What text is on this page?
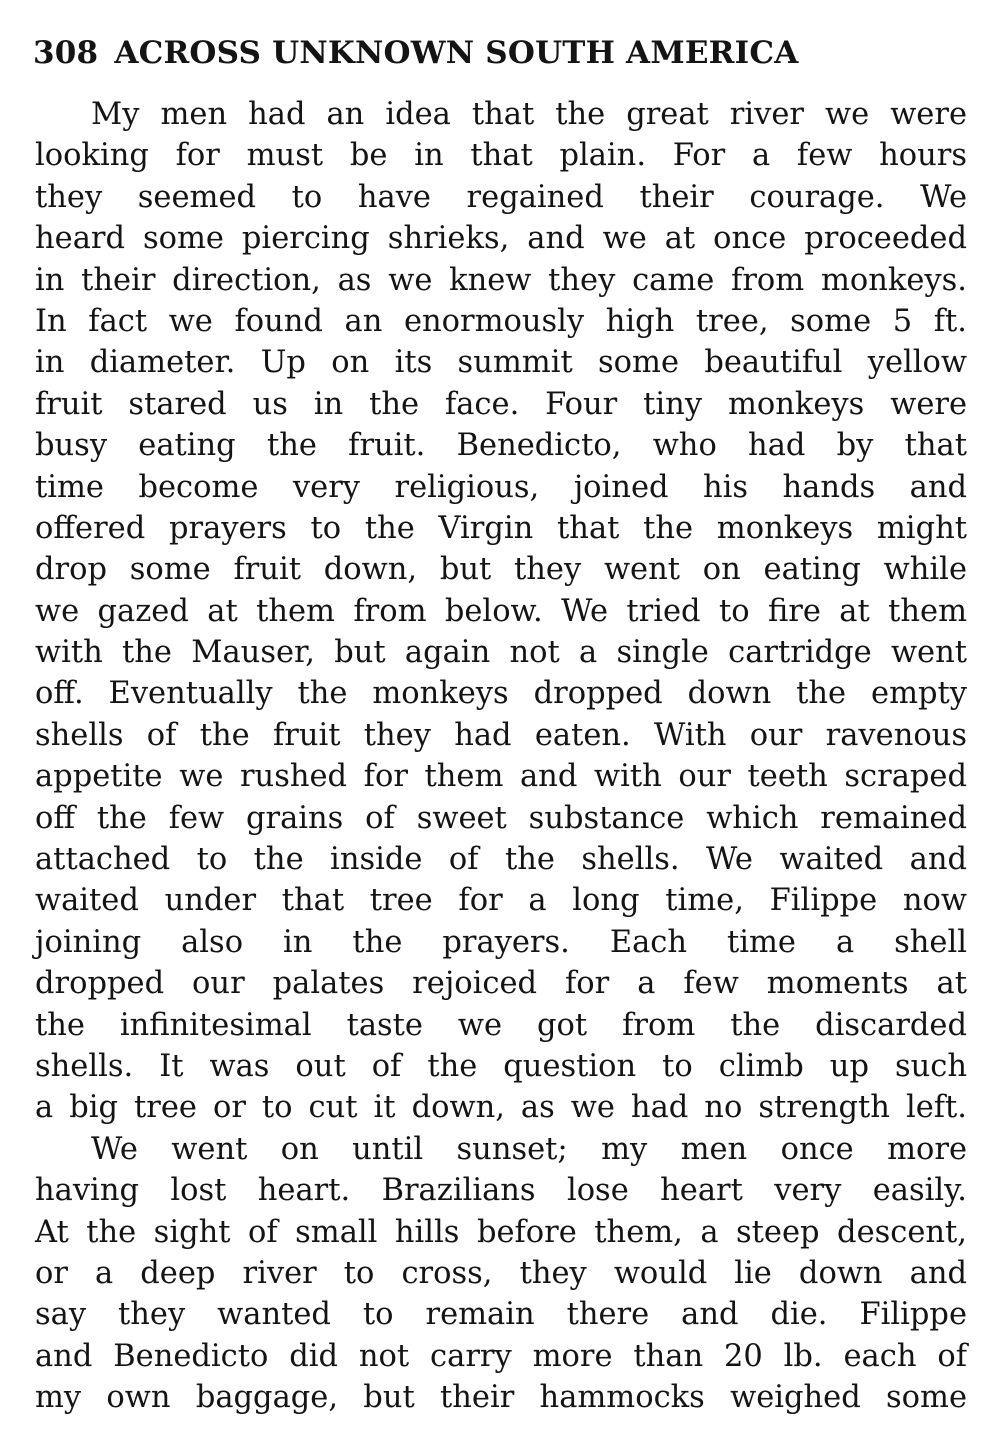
308 ACROSS UNKNOWN SOUTH AMERICA
My men had an idea that the great river we were
looking for must be in that plain. For a few hours
they seemed to have regained their courage. We
heard some piercing shrieks, and we at once proceeded
in their direction, as we knew they came from monkeys.
In fact we found an enormously high tree, some 5 ft.
in diameter. Up on its summit some beautiful yellow
fruit stared us in the face. Four tiny monkeys were
busy eating the fruit. Benedicto, who had by that
time become very religious, joined his hands and
offered prayers to the Virgin that the monkeys might
drop some fruit down, but they went on eating while
we gazed at them from below. We tried to fire at them
with the Mauser, but again not a single cartridge went
off. Eventually the monkeys dropped down the empty
shells of the fruit they had eaten. With our ravenous
appetite we rushed for them and with our teeth scraped
off the few grains of sweet substance which remained
attached to the inside of the shells. We waited and
waited under that tree for a long time, Filippe now
joining also in the prayers. Each time a shell
dropped our palates rejoiced for a few moments at
the infinitesimal taste we got from the discarded
shells. It was out of the question to climb up such
a big tree or to cut it down, as we had no strength left.
We went on until sunset; my men once more
having lost heart. Brazilians lose heart very easily.
At the sight of small hills before them, a steep descent,
or a deep river to cross, they would lie down and
say they wanted to remain there and die. Filippe
and Benedicto did not carry more than 20 lb. each of
my own baggage, but their hammocks weighed some
